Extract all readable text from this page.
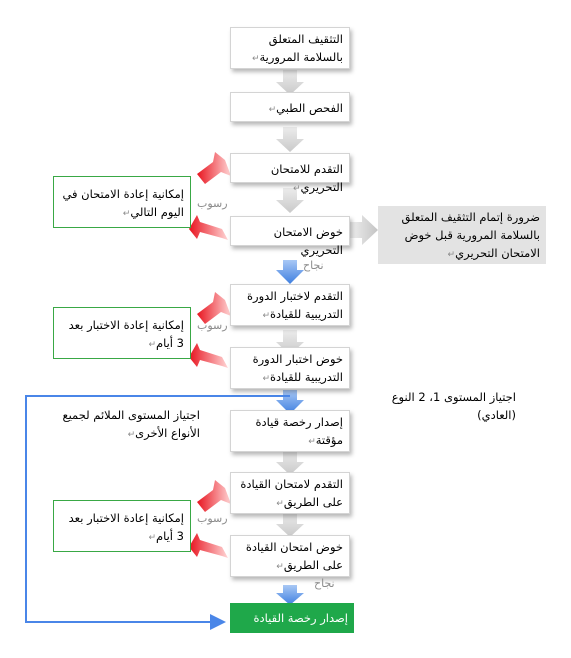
التثقيف المتعلق بالسلامة المرورية↵
الفحص الطبي↵
التقدم للامتحان التحريري↵
خوض الامتحان التحريري
التقدم لاختبار الدورة التدريبية للقيادة↵
خوض اختبار الدورة التدريبية للقيادة↵
إصدار رخصة قيادة مؤقتة↵
التقدم لامتحان القيادة على الطريق↵
خوض امتحان القيادة على الطريق↵
إصدار رخصة القيادة
إمكانية إعادة الامتحان في اليوم التالي↵
إمكانية إعادة الاختبار بعد 3 أيام↵
إمكانية إعادة الاختبار بعد 3 أيام↵
ضرورة إتمام التثقيف المتعلق بالسلامة المرورية قبل خوض الامتحان التحريري↵
رسوب
نجاح
رسوب
رسوب
نجاح
اجتياز المستوى 1، 2 النوع (العادي)
اجتياز المستوى الملائم لجميع الأنواع الأخرى↵
